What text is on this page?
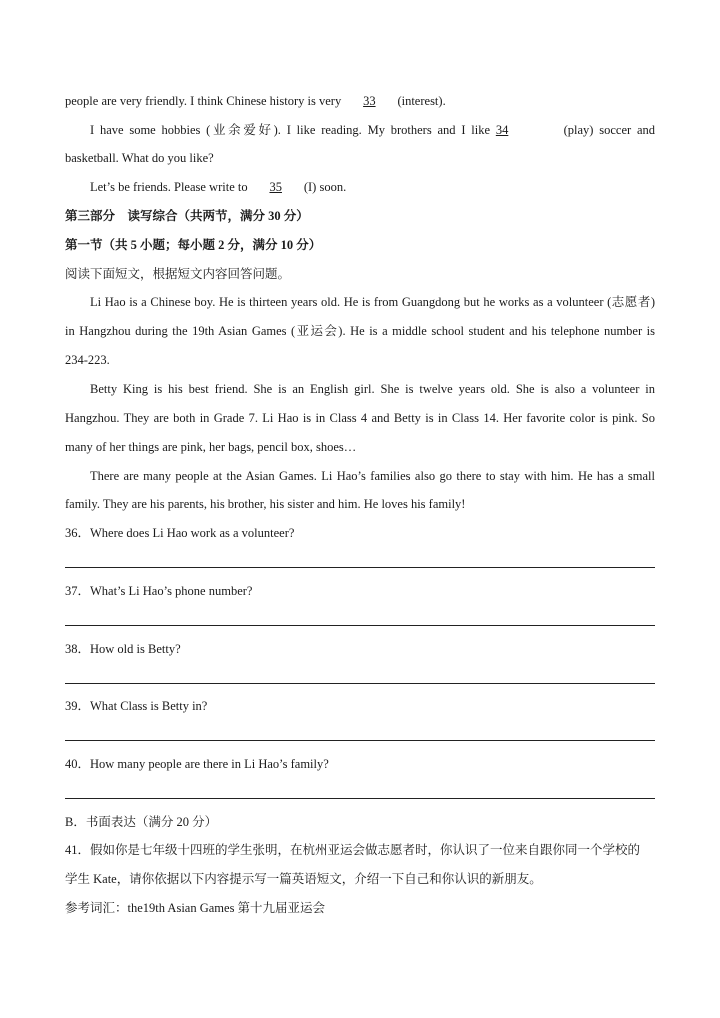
people are very friendly. I think Chinese history is very 33 (interest).
I have some hobbies (业余爱好). I like reading. My brothers and I like 34	(play) soccer and
basketball. What do you like?
Let’s be friends. Please write to 35 (I) soon.
第三部分　读写综合（共两节，满分 30 分）
第一节（共 5 小题；每小题 2 分，满分 10 分）
阅读下面短文，根据短文内容回答问题。
Li Hao is a Chinese boy. He is thirteen years old. He is from Guangdong but he works as a volunteer (志愿者)
in Hangzhou during the 19th Asian Games (亚运会). He is a middle school student and his telephone number is
234-223.
Betty King is his best friend. She is an English girl. She is twelve years old. She is also a volunteer in
Hangzhou. They are both in Grade 7. Li Hao is in Class 4 and Betty is in Class 14. Her favorite color is pink. So
many of her things are pink, her bags, pencil box, shoes…
There are many people at the Asian Games. Li Hao’s families also go there to stay with him. He has a small
family. They are his parents, his brother, his sister and him. He loves his family!
36．Where does Li Hao work as a volunteer?
37．What’s Li Hao’s phone number?
38．How old is Betty?
39．What Class is Betty in?
40．How many people are there in Li Hao’s family?
B．书面表达（满分 20 分）
41．假如你是七年级十四班的学生张明，在杭州亚运会做志愿者时，你认识了一位来自跟你同一个学校的
学生 Kate，请你依据以下内容提示写一篇英语短文，介绍一下自己和你认识的新朋友。
参考词汇：the19th Asian Games 第十九届亚运会
